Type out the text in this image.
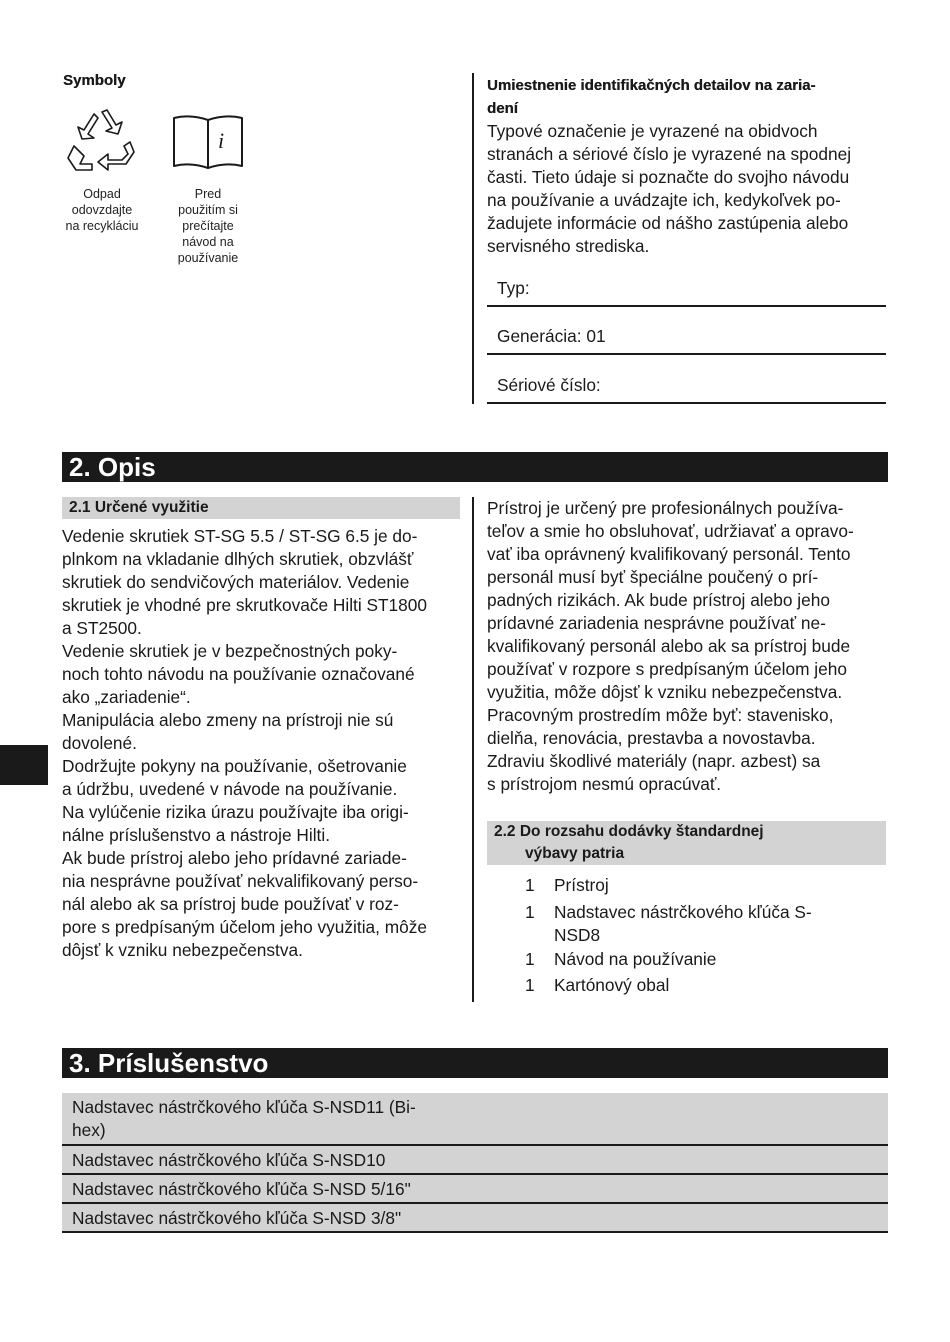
Symboly
Odpad
odovzdajte
na recykláciu
i
Pred
použitím si
prečítajte
návod na
používanie
Umiestnenie identifikačných detailov na zaria-
dení

Typové označenie je vyrazené na obidvoch

stranách a sériové číslo je vyrazené na spodnej

časti. Tieto údaje si poznačte do svojho návodu

na používanie a uvádzajte ich, kedykoľvek po-

žadujete informácie od nášho zastúpenia alebo

servisného strediska.

Typ:
Generácia: 01
Sériové číslo:
2. Opis
2.1 Určené využitie

Vedenie skrutiek ST-SG 5.5 / ST-SG 6.5 je do-

plnkom na vkladanie dlhých skrutiek, obzvlášť

skrutiek do sendvičových materiálov. Vedenie

skrutiek je vhodné pre skrutkovače Hilti ST1800

a ST2500.

Vedenie skrutiek je v bezpečnostných poky-

noch tohto návodu na používanie označované

ako „zariadenie“.

Manipulácia alebo zmeny na prístroji nie sú

dovolené.

Dodržujte pokyny na používanie, ošetrovanie

a údržbu, uvedené v návode na používanie.

Na vylúčenie rizika úrazu používajte iba origi-

nálne príslušenstvo a nástroje Hilti.

Ak bude prístroj alebo jeho prídavné zariade-

nia nesprávne používať nekvalifikovaný perso-

nál alebo ak sa prístroj bude používať v roz-

pore s predpísaným účelom jeho využitia, môže

dôjsť k vzniku nebezpečenstva.

Prístroj je určený pre profesionálnych používa-

teľov a smie ho obsluhovať, udržiavať a opravo-

vať iba oprávnený kvalifikovaný personál. Tento

personál musí byť špeciálne poučený o prí-

padných rizikách. Ak bude prístroj alebo jeho

prídavné zariadenia nesprávne používať ne-

kvalifikovaný personál alebo ak sa prístroj bude

používať v rozpore s predpísaným účelom jeho

využitia, môže dôjsť k vzniku nebezpečenstva.

Pracovným prostredím môže byť: stavenisko,

dielňa, renovácia, prestavba a novostavba.

Zdraviu škodlivé materiály (napr. azbest) sa

s prístrojom nesmú opracúvať.

2.2 Do rozsahu dodávky štandardnej
výbavy patria
1 Prístroj
1 Nadstavec nástrčkového kľúča S-
NSD8
1 Návod na používanie
1 Kartónový obal
3. Príslušenstvo
Nadstavec nástrčkového kľúča S-NSD11 (Bi-
hex)
Nadstavec nástrčkového kľúča S-NSD10
Nadstavec nástrčkového kľúča S-NSD 5/16"
Nadstavec nástrčkového kľúča S-NSD 3/8"
